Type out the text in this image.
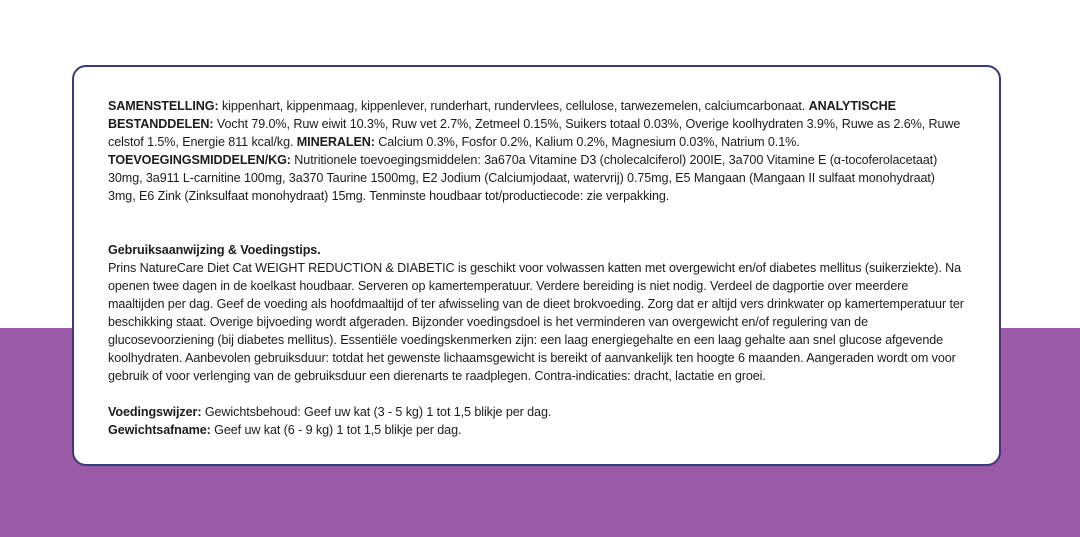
SAMENSTELLING: kippenhart, kippenmaag, kippenlever, runderhart, rundervlees, cellulose, tarwezemelen, calciumcarbonaat. ANALYTISCHE BESTANDDELEN: Vocht 79.0%, Ruw eiwit 10.3%, Ruw vet 2.7%, Zetmeel 0.15%, Suikers totaal 0.03%, Overige koolhydraten 3.9%, Ruwe as 2.6%, Ruwe celstof 1.5%, Energie 811 kcal/kg. MINERALEN: Calcium 0.3%, Fosfor 0.2%, Kalium 0.2%, Magnesium 0.03%, Natrium 0.1%. TOEVOEGINGSMIDDELEN/KG: Nutritionele toevoegingsmiddelen: 3a670a Vitamine D3 (cholecalciferol) 200IE, 3a700 Vitamine E (α-tocoferolacetaat) 30mg, 3a911 L-carnitine 100mg, 3a370 Taurine 1500mg, E2 Jodium (Calciumjodaat, watervrij) 0.75mg, E5 Mangaan (Mangaan II sulfaat monohydraat) 3mg, E6 Zink (Zinksulfaat monohydraat) 15mg. Tenminste houdbaar tot/productiecode: zie verpakking.

Gebruiksaanwijzing & Voedingstips.

Prins NatureCare Diet Cat WEIGHT REDUCTION & DIABETIC is geschikt voor volwassen katten met overgewicht en/of diabetes mellitus (suikerziekte). Na openen twee dagen in de koelkast houdbaar. Serveren op kamertemperatuur. Verdere bereiding is niet nodig. Verdeel de dagportie over meerdere maaltijden per dag. Geef de voeding als hoofdmaaltijd of ter afwisseling van de dieet brokvoeding. Zorg dat er altijd vers drinkwater op kamertemperatuur ter beschikking staat. Overige bijvoeding wordt afgeraden. Bijzonder voedingsdoel is het verminderen van overgewicht en/of regulering van de glucosevoorziening (bij diabetes mellitus). Essentiële voedingskenmerken zijn: een laag energiegehalte en een laag gehalte aan snel glucose afgevende koolhydraten. Aanbevolen gebruiksduur: totdat het gewenste lichaamsgewicht is bereikt of aanvankelijk ten hoogte 6 maanden. Aangeraden wordt om voor gebruik of voor verlenging van de gebruiksduur een dierenarts te raadplegen. Contra-indicaties: dracht, lactatie en groei.

Voedingswijzer: Gewichtsbehoud: Geef uw kat (3 - 5 kg) 1 tot 1,5 blikje per dag.

Gewichtsafname: Geef uw kat (6 - 9 kg) 1 tot 1,5 blikje per dag.
